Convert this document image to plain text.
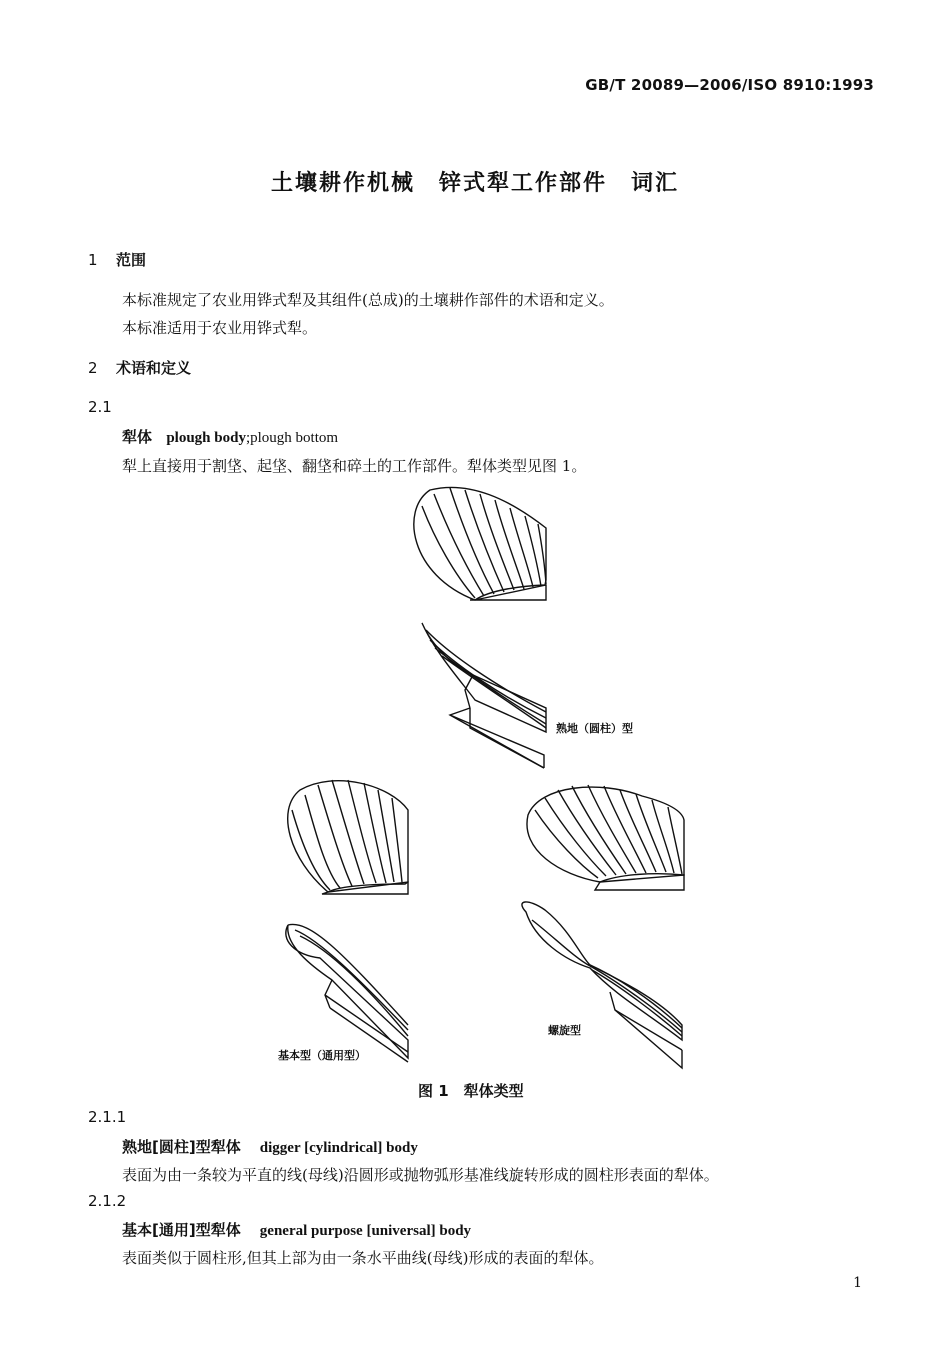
GB/T 20089—2006/ISO 8910:1993
土壤耕作机械　锌式犁工作部件　词汇
1 范围
本标准规定了农业用铧式犁及其组件(总成)的土壤耕作部件的术语和定义。
本标准适用于农业用铧式犁。
2 术语和定义
2.1
犁体 plough body;plough bottom
犁上直接用于割垡、起垡、翻垡和碎土的工作部件。犁体类型见图 1。
熟地（圆柱）型
基本型（通用型）
螺旋型
图 1　犁体类型
2.1.1
熟地[圆柱]型犁体 digger [cylindrical] body
表面为由一条较为平直的线(母线)沿圆形或抛物弧形基准线旋转形成的圆柱形表面的犁体。
2.1.2
基本[通用]型犁体 general purpose [universal] body
表面类似于圆柱形,但其上部为由一条水平曲线(母线)形成的表面的犁体。
1
